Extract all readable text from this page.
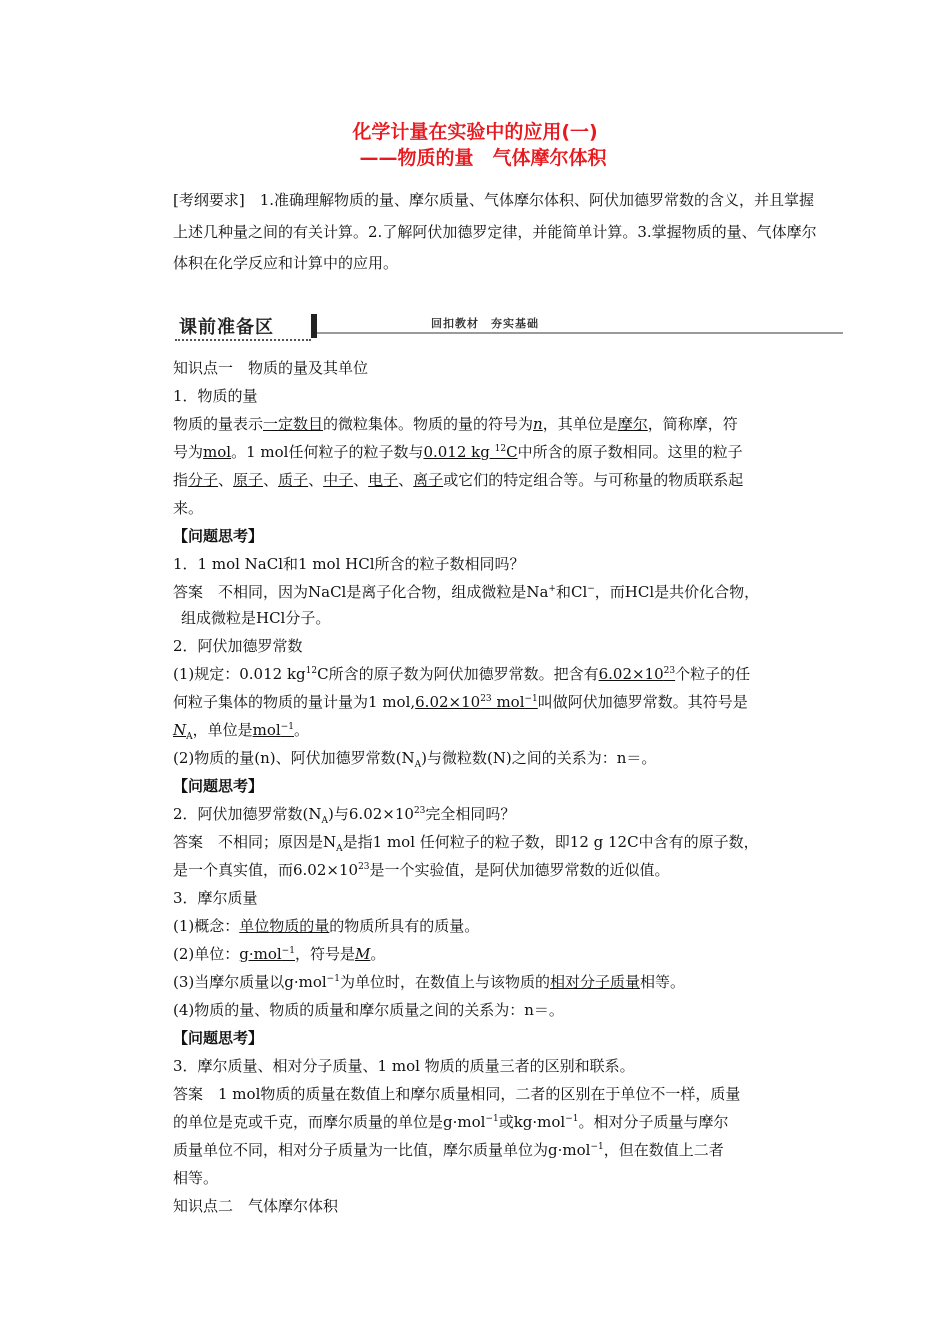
化学计量在实验中的应用(一)
——物质的量　气体摩尔体积
[考纲要求]　1.准确理解物质的量、摩尔质量、气体摩尔体积、阿伏加德罗常数的含义，并且掌握上述几种量之间的有关计算。2.了解阿伏加德罗定律，并能简单计算。3.掌握物质的量、气体摩尔体积在化学反应和计算中的应用。
课前准备区	回扣教材　夯实基础
知识点一　物质的量及其单位
1．物质的量
物质的量表示一定数目的微粒集体。物质的量的符号为n，其单位是摩尔，简称摩，符
号为mol。1 mol任何粒子的粒子数与0.012 kg $^{12}$C中所含的原子数相同。这里的粒子
指分子、原子、质子、中子、电子、离子或它们的特定组合等。与可称量的物质联系起
来。
【问题思考】
1．1 mol NaCl和1 mol HCl所含的粒子数相同吗？
答案　不相同，因为NaCl是离子化合物，组成微粒是Na+和Cl−，而HCl是共价化合物，
组成微粒是HCl分子。
2．阿伏加德罗常数
(1)规定：0.012 $kg^{12}C$所含的原子数为阿伏加德罗常数。把含有$6.02\times 10^{23}$个粒子的任
何粒子集体的物质的量计量为1 $mol,6.02\times 10^{23}$ mol$^{-1}$叫做阿伏加德罗常数。其符号是
$N_A$，单位是mol$^{-1}$。
(2)物质的量(n)、阿伏加德罗常数$(N_A)$与微粒数(N)之间的关系为：n＝。
【问题思考】
2．阿伏加德罗常数$(N_A)$与$6.02\times 10^{23}$完全相同吗？
答案　不相同；原因是$N_A$是指1 mol 任何粒子的粒子数，即12 g 12C中含有的原子数，
是一个真实值，而$6.02\times 10^{23}$是一个实验值，是阿伏加德罗常数的近似值。
3．摩尔质量
(1)概念：单位物质的量的物质所具有的质量。
(2)单位：g·mol$^{-1}$，符号是M。
(3)当摩尔质量以g·mol$^{-1}$为单位时，在数值上与该物质的相对分子质量相等。
(4)物质的量、物质的质量和摩尔质量之间的关系为：n＝。
【问题思考】
3．摩尔质量、相对分子质量、1 mol 物质的质量三者的区别和联系。
答案　1 mol物质的质量在数值上和摩尔质量相同，二者的区别在于单位不一样，质量
的单位是克或千克，而摩尔质量的单位是g·mol$^{-1}$或kg·mol$^{-1}$。相对分子质量与摩尔
质量单位不同，相对分子质量为一比值，摩尔质量单位为g·mol$^{-1}$，但在数值上二者
相等。
知识点二　气体摩尔体积
